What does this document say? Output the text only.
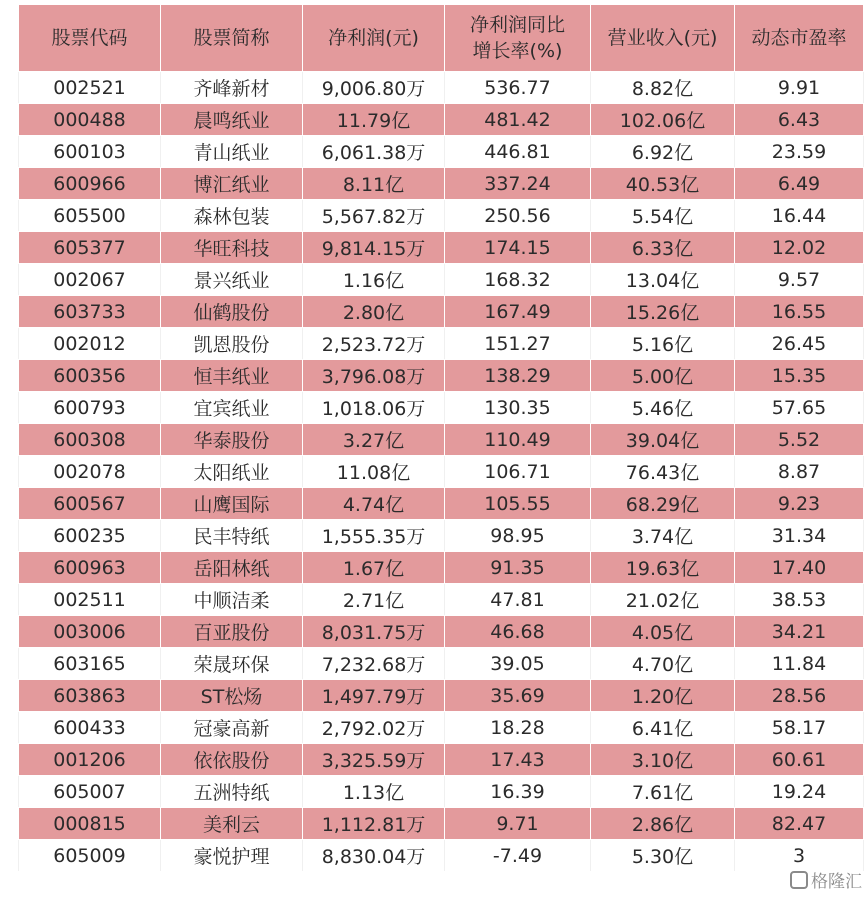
股票代码	股票简称	净利润(元)	净利润同比
增长率(%)	营业收入(元)	动态市盈率
002521	齐峰新材	9,006.80万	536.77	8.82亿	9.91
000488	晨鸣纸业	11.79亿	481.42	102.06亿	6.43
600103	青山纸业	6,061.38万	446.81	6.92亿	23.59
600966	博汇纸业	8.11亿	337.24	40.53亿	6.49
605500	森林包装	5,567.82万	250.56	5.54亿	16.44
605377	华旺科技	9,814.15万	174.15	6.33亿	12.02
002067	景兴纸业	1.16亿	168.32	13.04亿	9.57
603733	仙鹤股份	2.80亿	167.49	15.26亿	16.55
002012	凯恩股份	2,523.72万	151.27	5.16亿	26.45
600356	恒丰纸业	3,796.08万	138.29	5.00亿	15.35
600793	宜宾纸业	1,018.06万	130.35	5.46亿	57.65
600308	华泰股份	3.27亿	110.49	39.04亿	5.52
002078	太阳纸业	11.08亿	106.71	76.43亿	8.87
600567	山鹰国际	4.74亿	105.55	68.29亿	9.23
600235	民丰特纸	1,555.35万	98.95	3.74亿	31.34
600963	岳阳林纸	1.67亿	91.35	19.63亿	17.40
002511	中顺洁柔	2.71亿	47.81	21.02亿	38.53
003006	百亚股份	8,031.75万	46.68	4.05亿	34.21
603165	荣晟环保	7,232.68万	39.05	4.70亿	11.84
603863	ST松炀	1,497.79万	35.69	1.20亿	28.56
600433	冠豪高新	2,792.02万	18.28	6.41亿	58.17
001206	依依股份	3,325.59万	17.43	3.10亿	60.61
605007	五洲特纸	1.13亿	16.39	7.61亿	19.24
000815	美利云	1,112.81万	9.71	2.86亿	82.47
605009	豪悦护理	8,830.04万	-7.49	5.30亿	3
格隆汇
